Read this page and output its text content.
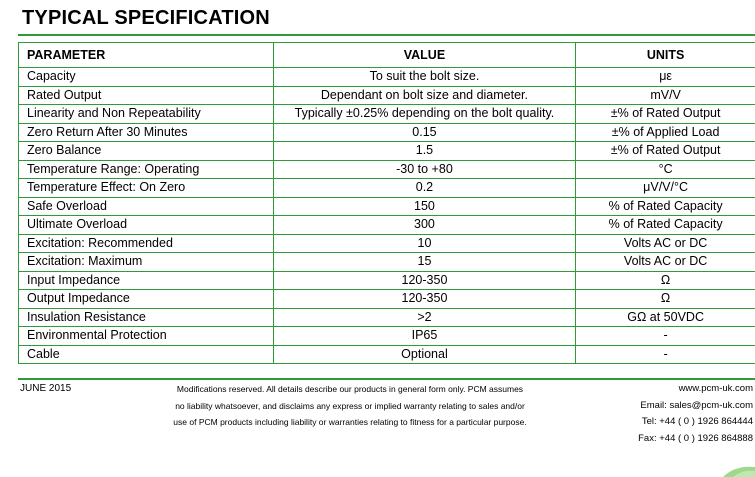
TYPICAL SPECIFICATION
PARAMETER	VALUE	UNITS
Capacity	To suit the bolt size.	με
Rated Output	Dependant on bolt size and diameter.	mV/V
Linearity and Non Repeatability	Typically ±0.25% depending on the bolt quality.	±% of Rated Output
Zero Return After 30 Minutes	0.15	±% of Applied Load
Zero Balance	1.5	±% of Rated Output
Temperature Range: Operating	-30 to +80	°C
Temperature Effect: On Zero	0.2	μV/V/°C
Safe Overload	150	% of Rated Capacity
Ultimate Overload	300	% of Rated Capacity
Excitation: Recommended	10	Volts AC or DC
Excitation: Maximum	15	Volts AC or DC
Input Impedance	120-350	Ω
Output Impedance	120-350	Ω
Insulation Resistance	>2	GΩ at 50VDC
Environmental Protection	IP65	-
Cable	Optional	-
JUNE 2015	Modifications reserved. All details describe our products in general form only. PCM assumes
no liability whatsoever, and disclaims any express or implied warranty relating to sales and/or
use of PCM products including liability or warranties relating to fitness for a particular purpose.
www.pcm-uk.com
Email: sales@pcm-uk.com
Tel: +44 ( 0 ) 1926 864444
Fax: +44 ( 0 ) 1926 864888
